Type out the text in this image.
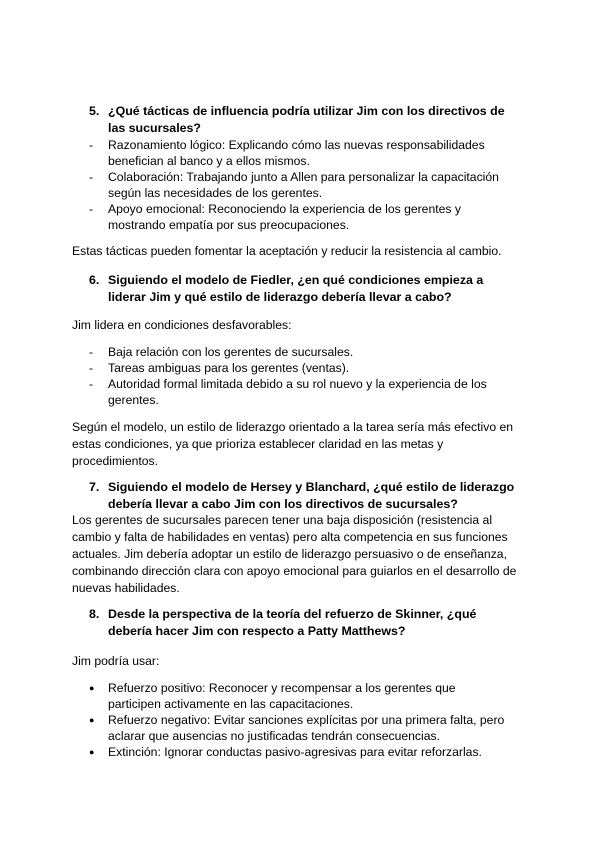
5. ¿Qué tácticas de influencia podría utilizar Jim con los directivos de las sucursales?
- Razonamiento lógico: Explicando cómo las nuevas responsabilidades benefician al banco y a ellos mismos.
- Colaboración: Trabajando junto a Allen para personalizar la capacitación según las necesidades de los gerentes.
- Apoyo emocional: Reconociendo la experiencia de los gerentes y mostrando empatía por sus preocupaciones.
Estas tácticas pueden fomentar la aceptación y reducir la resistencia al cambio.
6. Siguiendo el modelo de Fiedler, ¿en qué condiciones empieza a liderar Jim y qué estilo de liderazgo debería llevar a cabo?
Jim lidera en condiciones desfavorables:
- Baja relación con los gerentes de sucursales.
- Tareas ambiguas para los gerentes (ventas).
- Autoridad formal limitada debido a su rol nuevo y la experiencia de los gerentes.
Según el modelo, un estilo de liderazgo orientado a la tarea sería más efectivo en estas condiciones, ya que prioriza establecer claridad en las metas y procedimientos.
7. Siguiendo el modelo de Hersey y Blanchard, ¿qué estilo de liderazgo debería llevar a cabo Jim con los directivos de sucursales?
Los gerentes de sucursales parecen tener una baja disposición (resistencia al cambio y falta de habilidades en ventas) pero alta competencia en sus funciones actuales. Jim debería adoptar un estilo de liderazgo persuasivo o de enseñanza, combinando dirección clara con apoyo emocional para guiarlos en el desarrollo de nuevas habilidades.
8. Desde la perspectiva de la teoría del refuerzo de Skinner, ¿qué debería hacer Jim con respecto a Patty Matthews?
Jim podría usar:
● Refuerzo positivo: Reconocer y recompensar a los gerentes que participen activamente en las capacitaciones.
● Refuerzo negativo: Evitar sanciones explícitas por una primera falta, pero aclarar que ausencias no justificadas tendrán consecuencias.
● Extinción: Ignorar conductas pasivo-agresivas para evitar reforzarlas.
